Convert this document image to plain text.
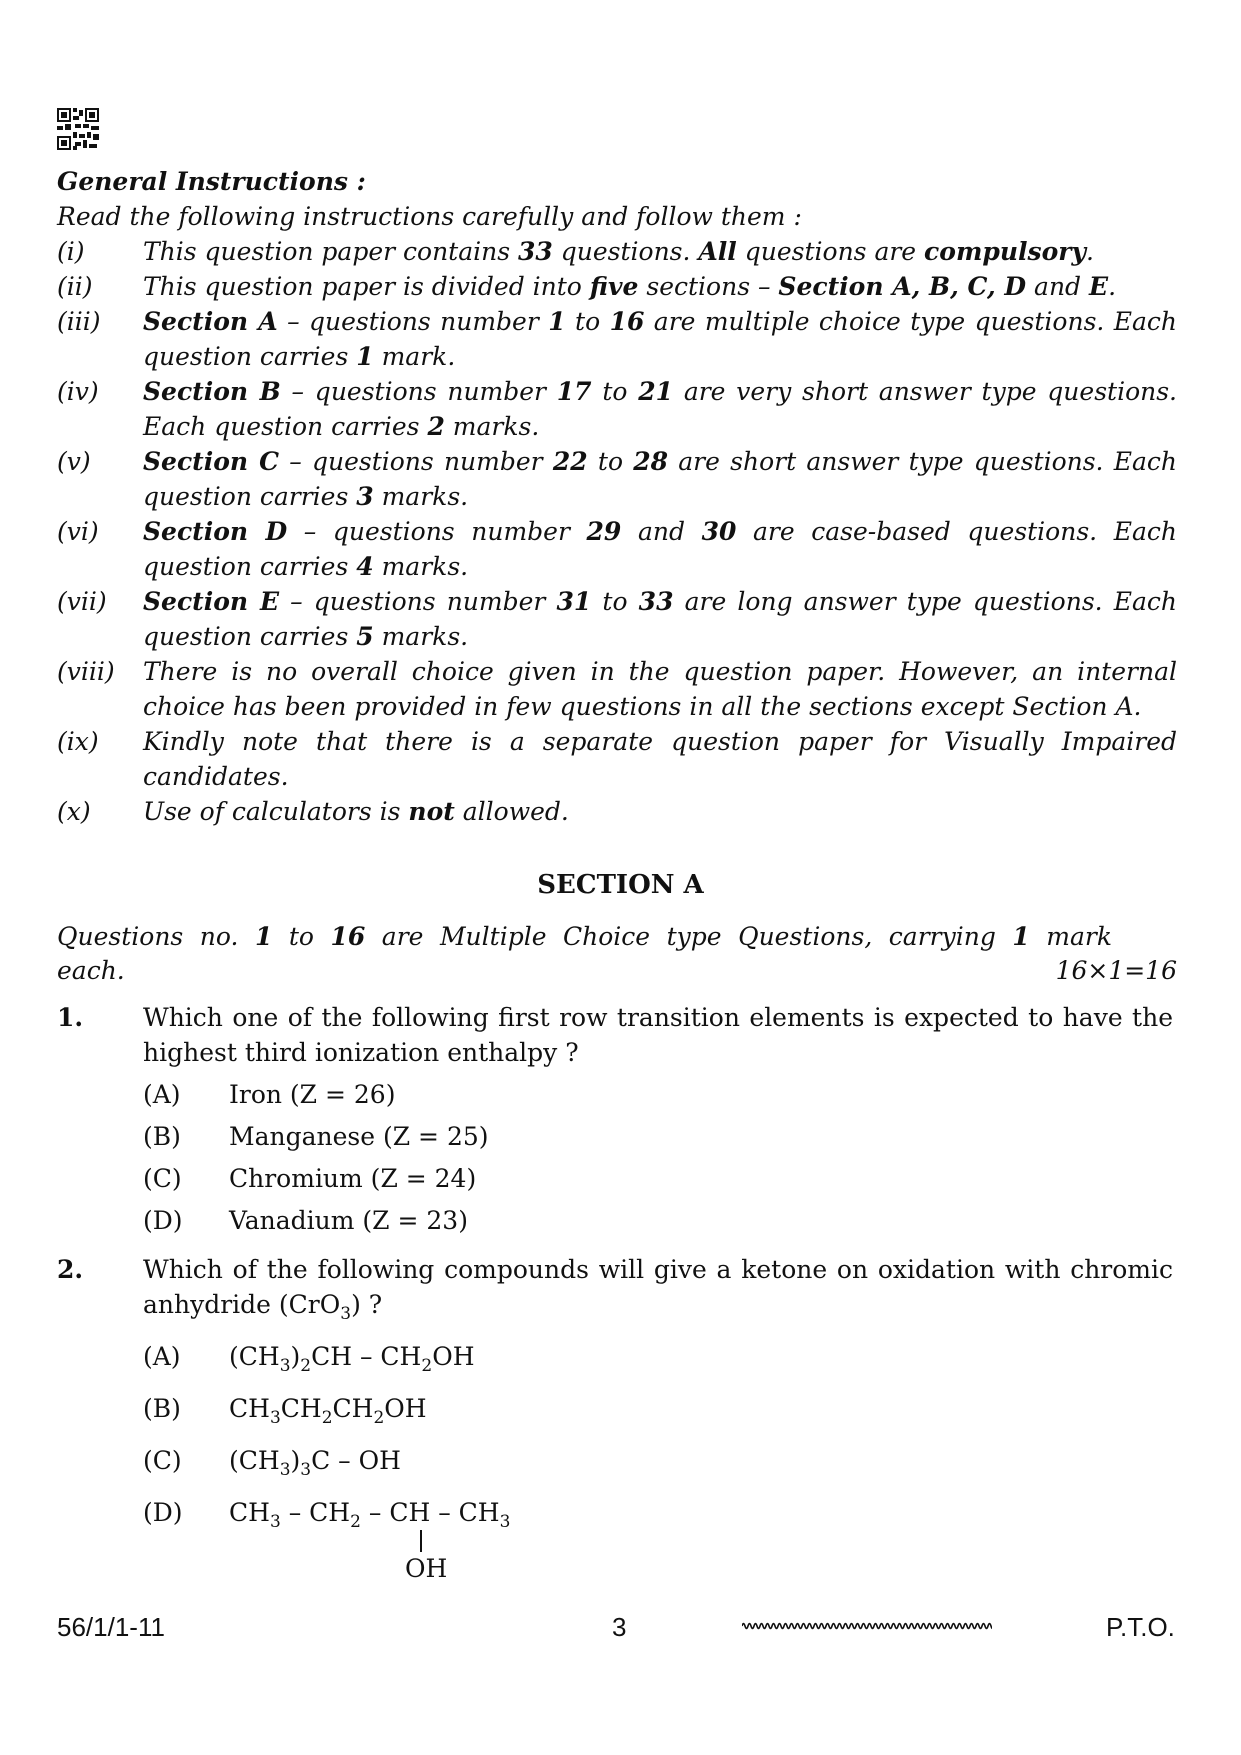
General Instructions :
Read the following instructions carefully and follow them :
(i)	This question paper contains 33 questions. All questions are compulsory.
(ii)	This question paper is divided into five sections – Section A, B, C, D and E.
(iii)	Section A – questions number 1 to 16 are multiple choice type questions. Each question carries 1 mark.
(iv)	Section B – questions number 17 to 21 are very short answer type questions. Each question carries 2 marks.
(v)	Section C – questions number 22 to 28 are short answer type questions. Each question carries 3 marks.
(vi)	Section D – questions number 29 and 30 are case-based questions. Each question carries 4 marks.
(vii)	Section E – questions number 31 to 33 are long answer type questions. Each question carries 5 marks.
(viii)	There is no overall choice given in the question paper. However, an internal choice has been provided in few questions in all the sections except Section A.
(ix)	Kindly note that there is a separate question paper for Visually Impaired candidates.
(x)	Use of calculators is not allowed.
SECTION A
Questions no. 1 to 16 are Multiple Choice type Questions, carrying 1 mark
each.	16×1=16
1. Which one of the following first row transition elements is expected to have the highest third ionization enthalpy ?
(A) Iron (Z = 26)
(B) Manganese (Z = 25)
(C) Chromium (Z = 24)
(D) Vanadium (Z = 23)
2. Which of the following compounds will give a ketone on oxidation with chromic anhydride (CrO$_3$) ?
(A) $(CH_3)_2CH - CH_2OH$
(B) $CH_3CH_2CH_2OH$
(C) $(CH_3)_3C$ – OH
(D) $CH_3 - CH_2$ – CH – $CH_3$
OH
56/1/1-11	3	P.T.O.
